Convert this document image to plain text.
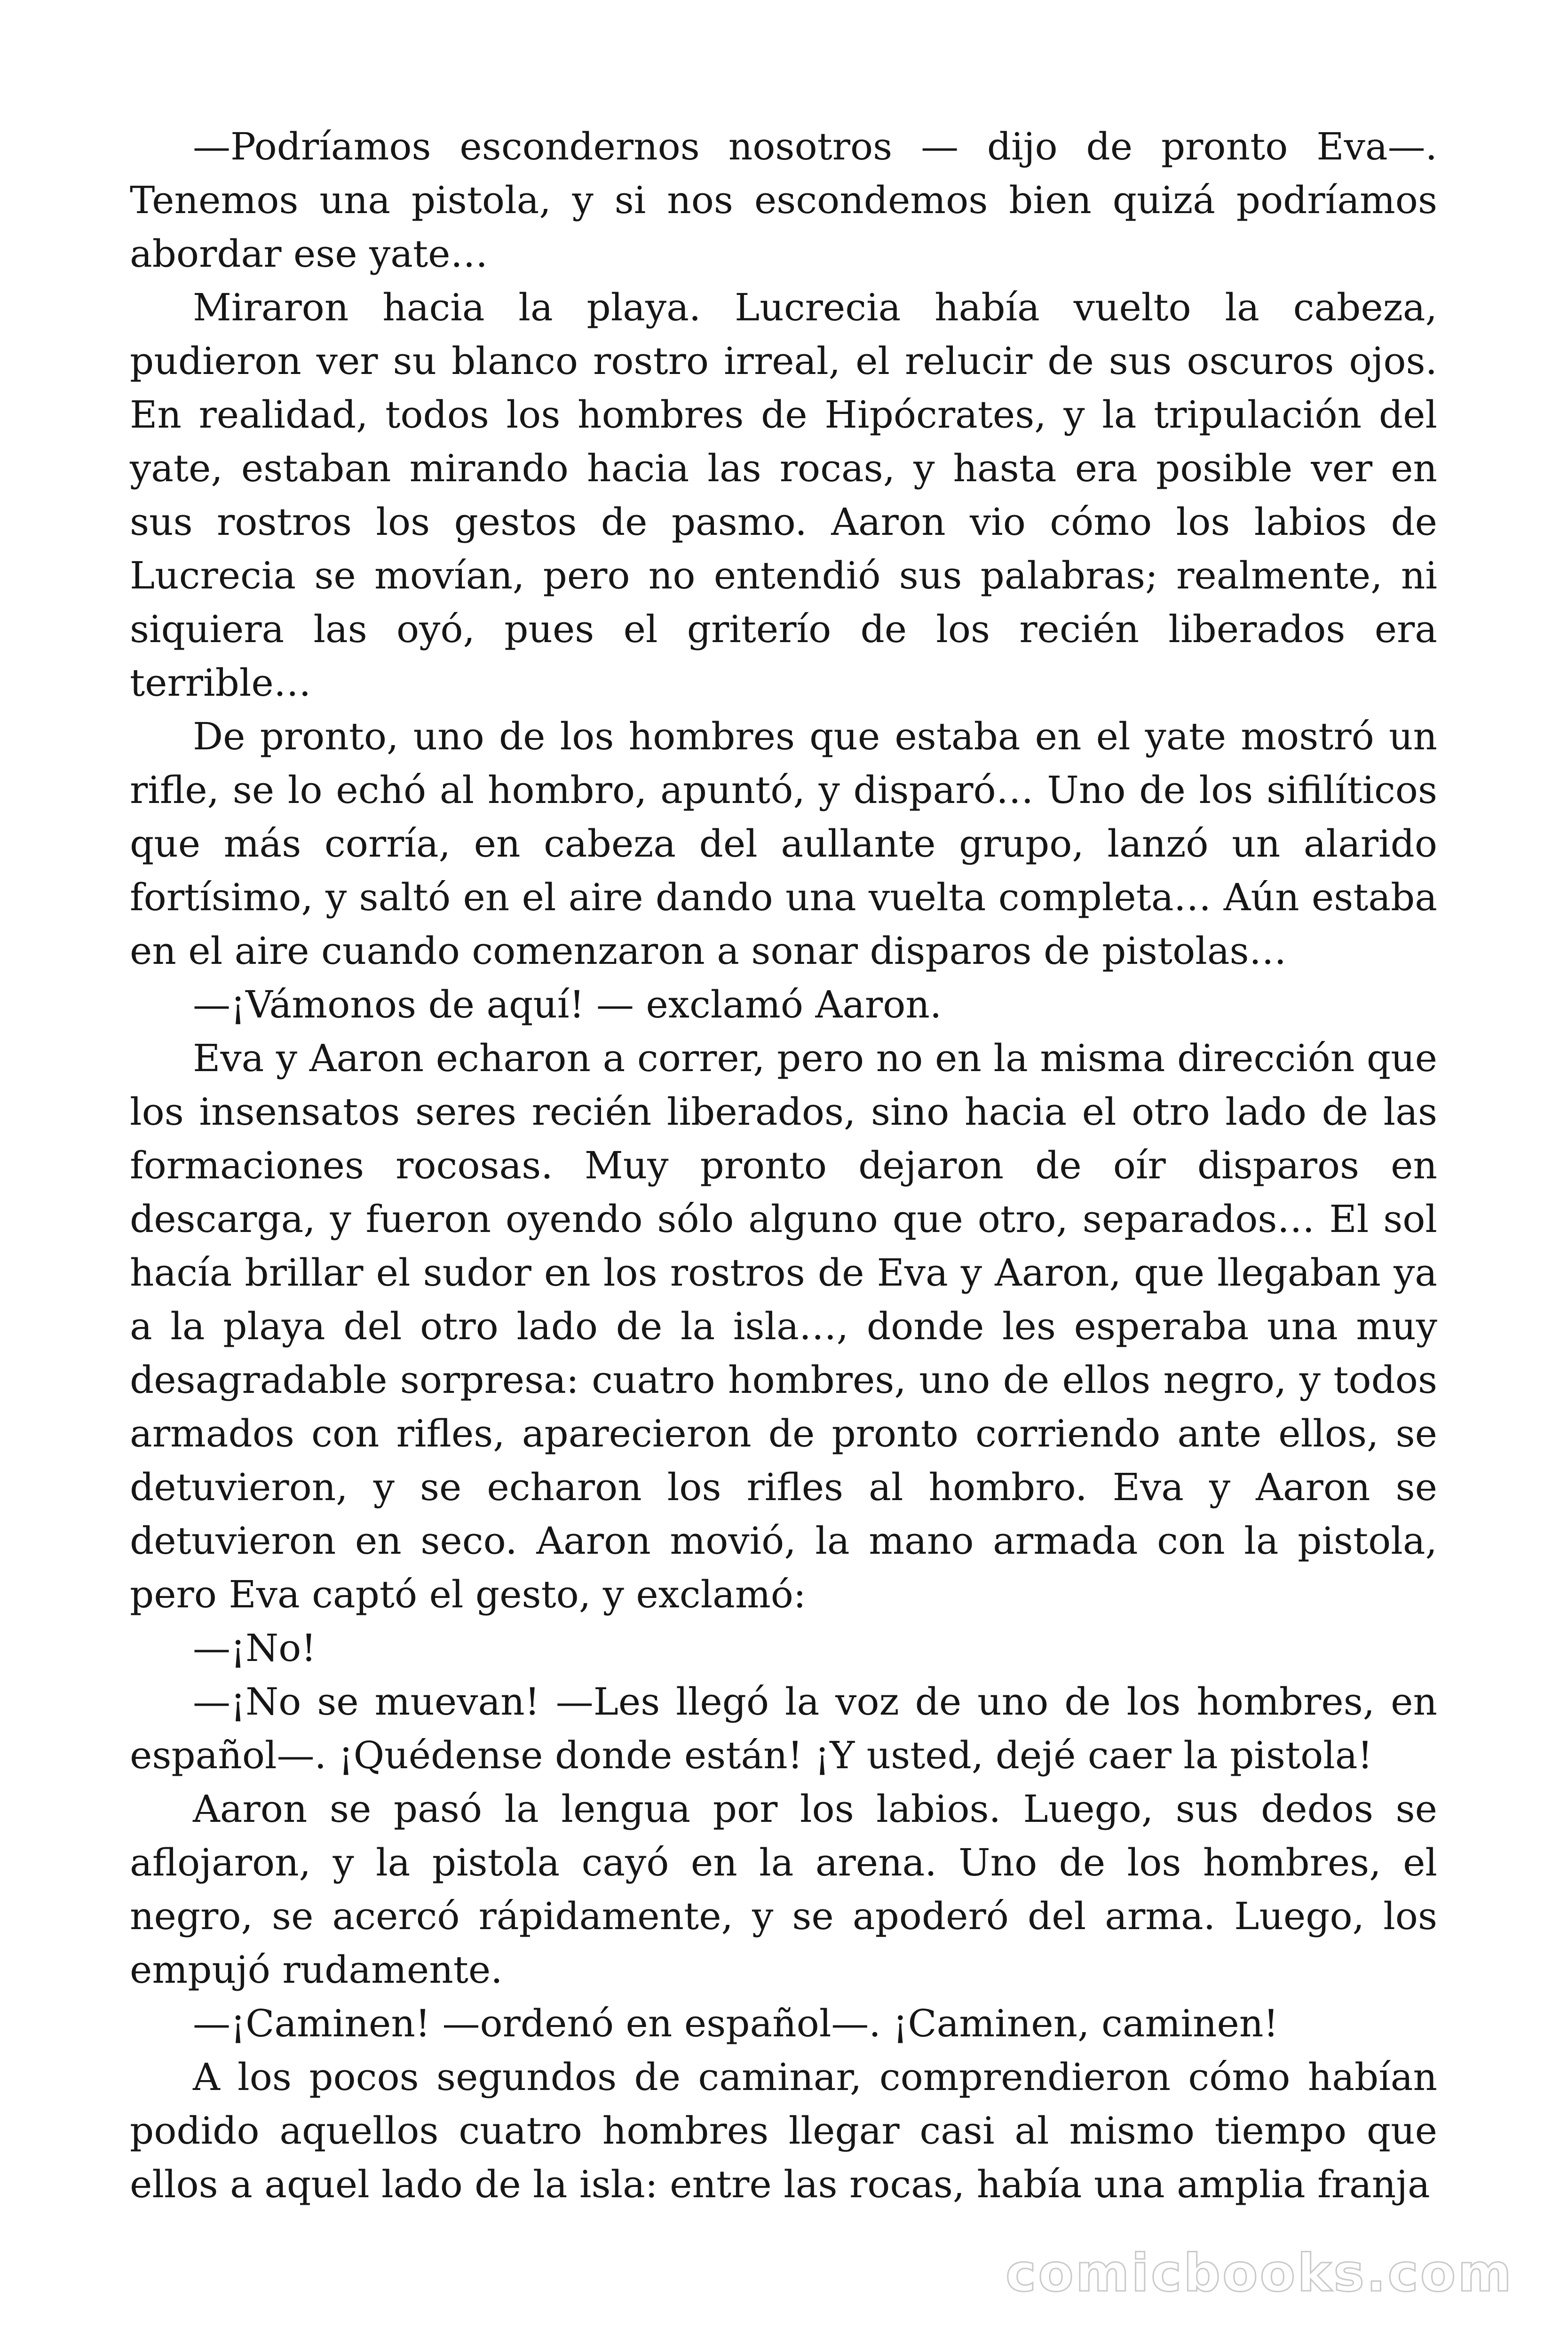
—Podríamos escondernos nosotros — dijo de pronto Eva—. Tenemos una pistola, y si nos escondemos bien quizá podríamos abordar ese yate…

Miraron hacia la playa. Lucrecia había vuelto la cabeza, pudieron ver su blanco rostro irreal, el relucir de sus oscuros ojos. En realidad, todos los hombres de Hipócrates, y la tripulación del yate, estaban mirando hacia las rocas, y hasta era posible ver en sus rostros los gestos de pasmo. Aaron vio cómo los labios de Lucrecia se movían, pero no entendió sus palabras; realmente, ni siquiera las oyó, pues el griterío de los recién liberados era terrible…

De pronto, uno de los hombres que estaba en el yate mostró un rifle, se lo echó al hombro, apuntó, y disparó… Uno de los sifilíticos que más corría, en cabeza del aullante grupo, lanzó un alarido fortísimo, y saltó en el aire dando una vuelta completa… Aún estaba en el aire cuando comenzaron a sonar disparos de pistolas…

—¡Vámonos de aquí! — exclamó Aaron.

Eva y Aaron echaron a correr, pero no en la misma dirección que los insensatos seres recién liberados, sino hacia el otro lado de las formaciones rocosas. Muy pronto dejaron de oír disparos en descarga, y fueron oyendo sólo alguno que otro, separados… El sol hacía brillar el sudor en los rostros de Eva y Aaron, que llegaban ya a la playa del otro lado de la isla…, donde les esperaba una muy desagradable sorpresa: cuatro hombres, uno de ellos negro, y todos armados con rifles, aparecieron de pronto corriendo ante ellos, se detuvieron, y se echaron los rifles al hombro. Eva y Aaron se detuvieron en seco. Aaron movió, la mano armada con la pistola, pero Eva captó el gesto, y exclamó:

—¡No!

—¡No se muevan! —Les llegó la voz de uno de los hombres, en español—. ¡Quédense donde están! ¡Y usted, dejé caer la pistola!

Aaron se pasó la lengua por los labios. Luego, sus dedos se aflojaron, y la pistola cayó en la arena. Uno de los hombres, el negro, se acercó rápidamente, y se apoderó del arma. Luego, los empujó rudamente.

—¡Caminen! —ordenó en español—. ¡Caminen, caminen!

A los pocos segundos de caminar, comprendieron cómo habían podido aquellos cuatro hombres llegar casi al mismo tiempo que ellos a aquel lado de la isla: entre las rocas, había una amplia franja

comicbooks.com
